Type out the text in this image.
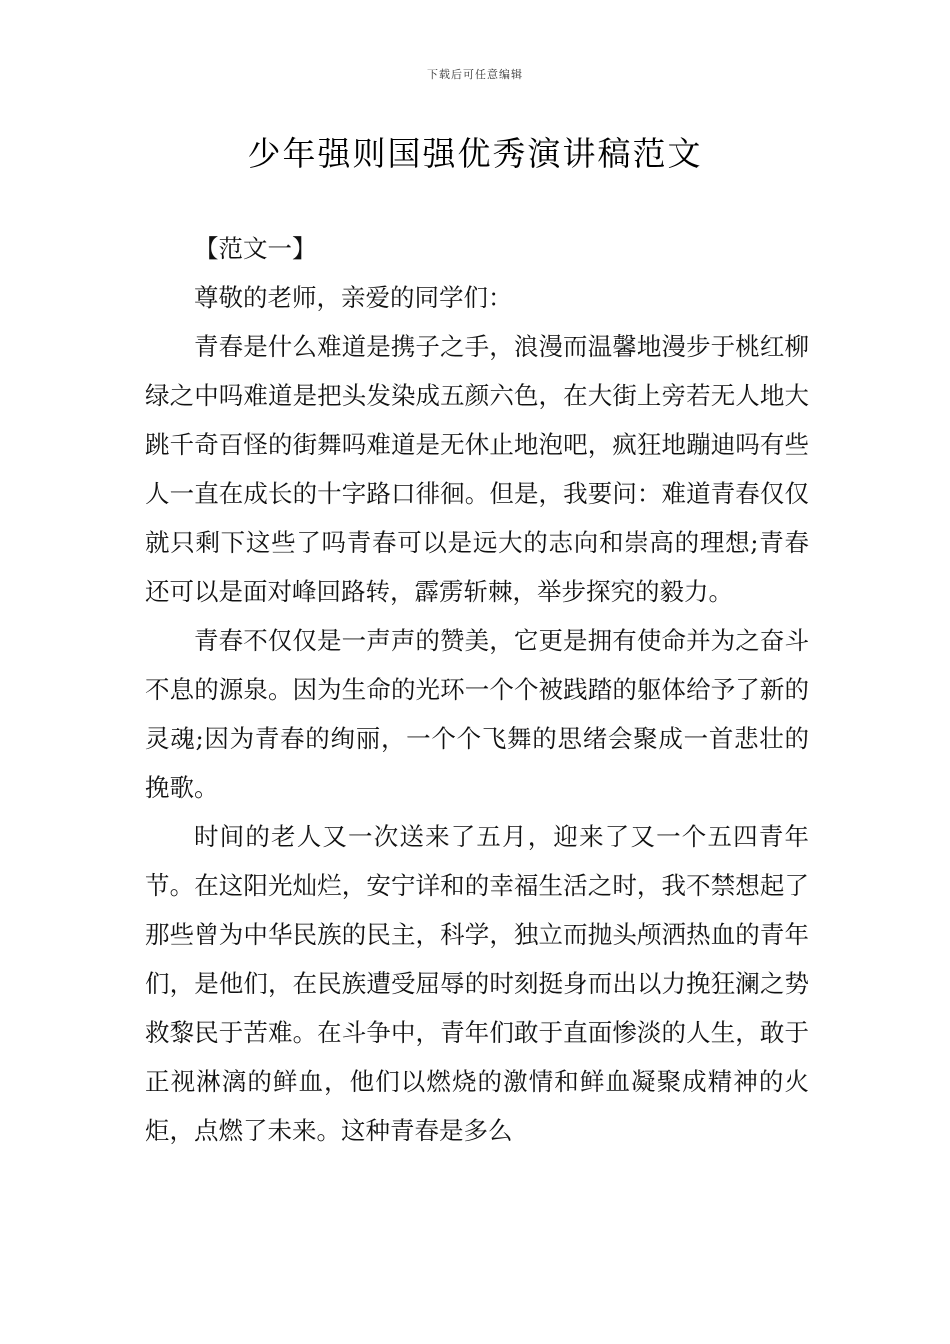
下载后可任意编辑
少年强则国强优秀演讲稿范文

【范文一】

尊敬的老师，亲爱的同学们：

青春是什么难道是携子之手，浪漫而温馨地漫步于桃红柳绿之中吗难道是把头发染成五颜六色，在大街上旁若无人地大跳千奇百怪的街舞吗难道是无休止地泡吧，疯狂地蹦迪吗有些人一直在成长的十字路口徘徊。但是，我要问：难道青春仅仅就只剩下这些了吗青春可以是远大的志向和崇高的理想;青春还可以是面对峰回路转，霹雳斩棘，举步探究的毅力。

青春不仅仅是一声声的赞美，它更是拥有使命并为之奋斗不息的源泉。因为生命的光环一个个被践踏的躯体给予了新的灵魂;因为青春的绚丽，一个个飞舞的思绪会聚成一首悲壮的挽歌。

时间的老人又一次送来了五月，迎来了又一个五四青年节。在这阳光灿烂，安宁详和的幸福生活之时，我不禁想起了那些曾为中华民族的民主，科学，独立而抛头颅洒热血的青年们，是他们，在民族遭受屈辱的时刻挺身而出以力挽狂澜之势救黎民于苦难。在斗争中，青年们敢于直面惨淡的人生，敢于正视淋漓的鲜血，他们以燃烧的激情和鲜血凝聚成精神的火炬，点燃了未来。这种青春是多么
